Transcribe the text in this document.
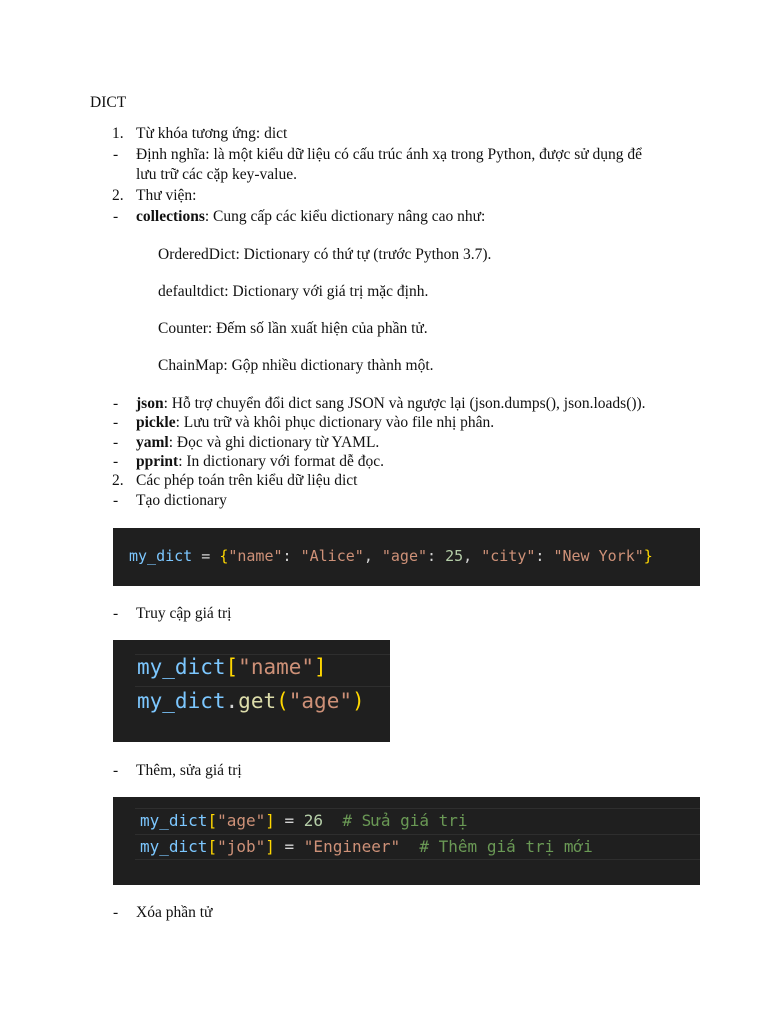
DICT
1. Từ khóa tương ứng: dict
- Định nghĩa: là một kiểu dữ liệu có cấu trúc ánh xạ trong Python, được sử dụng để
lưu trữ các cặp key-value.
2. Thư viện:
- collections: Cung cấp các kiểu dictionary nâng cao như:
OrderedDict: Dictionary có thứ tự (trước Python 3.7).
defaultdict: Dictionary với giá trị mặc định.
Counter: Đếm số lần xuất hiện của phần tử.
ChainMap: Gộp nhiều dictionary thành một.
- json: Hỗ trợ chuyển đổi dict sang JSON và ngược lại (json.dumps(), json.loads()).
- pickle: Lưu trữ và khôi phục dictionary vào file nhị phân.
- yaml: Đọc và ghi dictionary từ YAML.
- pprint: In dictionary với format dễ đọc.
2. Các phép toán trên kiểu dữ liệu dict
- Tạo dictionary
my_dict = {"name": "Alice", "age": 25, "city": "New York"}
- Truy cập giá trị
my_dict["name"]
my_dict.get("age")
- Thêm, sửa giá trị
my_dict["age"] = 26  # Sửa giá trị
my_dict["job"] = "Engineer"  # Thêm giá trị mới
- Xóa phần tử
